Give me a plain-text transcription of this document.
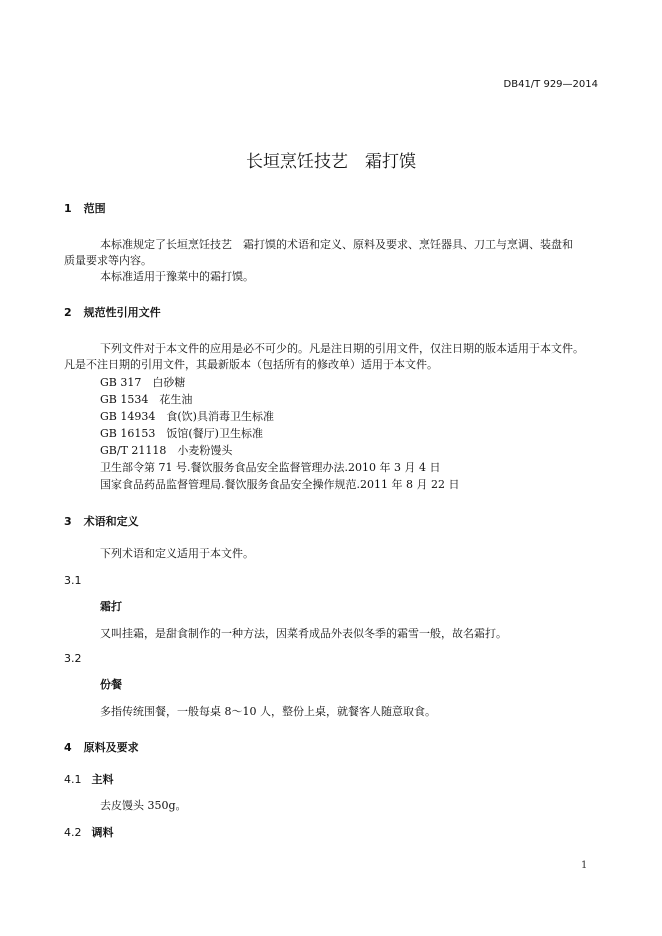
DB41/T 929—2014
长垣烹饪技艺　霜打馍
1 范围
本标准规定了长垣烹饪技艺　霜打馍的术语和定义、原料及要求、烹饪器具、刀工与烹调、装盘和
质量要求等内容。
本标准适用于豫菜中的霜打馍。
2 规范性引用文件
下列文件对于本文件的应用是必不可少的。凡是注日期的引用文件，仅注日期的版本适用于本文件。
凡是不注日期的引用文件，其最新版本（包括所有的修改单）适用于本文件。
GB 317　白砂糖
GB 1534　花生油
GB 14934　食(饮)具消毒卫生标准
GB 16153　饭馆(餐厅)卫生标准
GB/T 21118　小麦粉馒头
卫生部令第 71 号.餐饮服务食品安全监督管理办法.2010 年 3 月 4 日
国家食品药品监督管理局.餐饮服务食品安全操作规范.2011 年 8 月 22 日
3 术语和定义
下列术语和定义适用于本文件。
3.1
霜打
又叫挂霜，是甜食制作的一种方法，因菜肴成品外表似冬季的霜雪一般，故名霜打。
3.2
份餐
多指传统围餐，一般每桌 8～10 人，整份上桌，就餐客人随意取食。
4 原料及要求
4.1 主料
去皮馒头 350g。
4.2 调料
1
